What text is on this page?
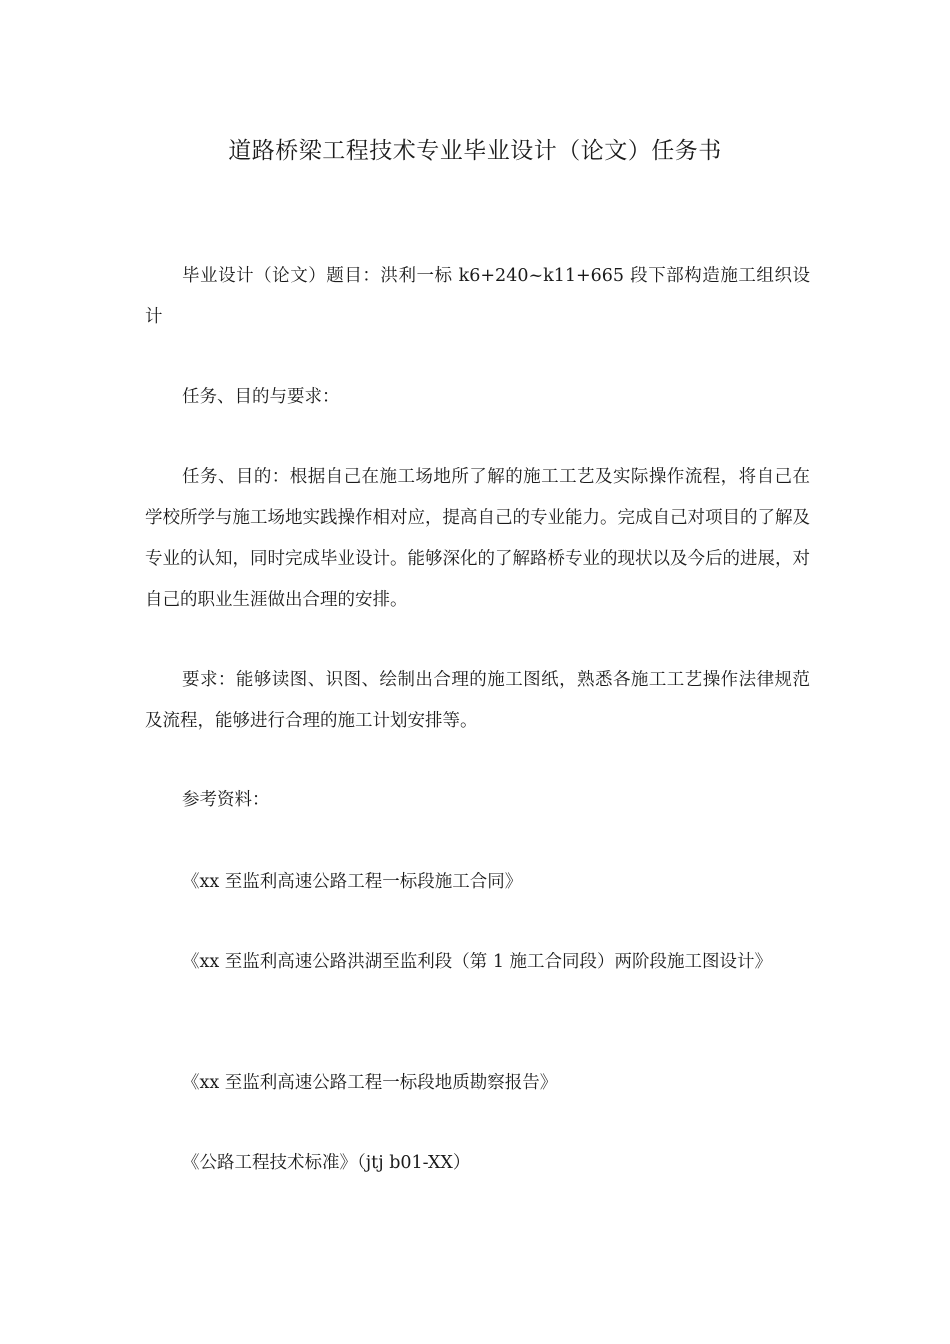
道路桥梁工程技术专业毕业设计（论文）任务书

毕业设计（论文）题目：洪利一标 k6+240~k11+665 段下部构造施工组织设计

任务、目的与要求：

任务、目的：根据自己在施工场地所了解的施工工艺及实际操作流程，将自己在学校所学与施工场地实践操作相对应，提高自己的专业能力。完成自己对项目的了解及专业的认知，同时完成毕业设计。能够深化的了解路桥专业的现状以及今后的进展，对自己的职业生涯做出合理的安排。

要求：能够读图、识图、绘制出合理的施工图纸，熟悉各施工工艺操作法律规范及流程，能够进行合理的施工计划安排等。

参考资料：

《xx 至监利高速公路工程一标段施工合同》

《xx 至监利高速公路洪湖至监利段（第 1 施工合同段）两阶段施工图设计》

《xx 至监利高速公路工程一标段地质勘察报告》

《公路工程技术标准》（jtj b01-XX）
